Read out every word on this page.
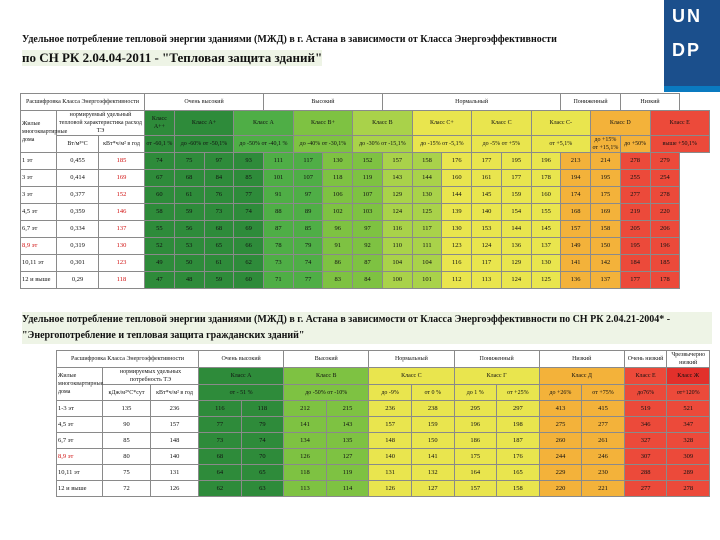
Удельное потребление тепловой энергии зданиями (МЖД) в г. Астана в зависимости от Класса Энергоэффективности
по СН РК 2.04.04-2011 - "Тепловая защита зданий"
UN
DP
Расшифровка Класса Энергоэффективности			Очень высокий				Высокий				Нормальный						Пониженный		Низкий	
Жилые многоквартирные дома	нормируемый удельный тепловой характеристика расход ТЭ		Класс А++	Класс А+		Класс А		Класс В+		Класс В		Класс С+		Класс С		Класс С-		Класс D		Класс Е
	Вт/м³°С	кВт*ч/м² в год	от -60,1 %	до -60% от -50,1%		до -50% от -40,1 %		до -40% от -30,1%		до -30% от -15,1%		до -15% от -5,1%		до -5% от +5%		от +5,1%		до +15% от +15,1%	до +50%	выше +50,1%
1 эт	0,455	185	74	75	97	93	111	117	130	152	157	158	176	177	195	196	213	214	278	279
3 эт	0,414	169	67	68	84	85	101	107	118	119	143	144	160	161	177	178	194	195	255	254
3 эт	0,377	152	60	61	76	77	91	97	106	107	129	130	144	145	159	160	174	175	277	278
4,5 эт	0,359	146	58	59	73	74	88	89	102	103	124	125	139	140	154	155	168	169	219	220
6,7 эт	0,334	137	55	56	68	69	87	85	96	97	116	117	130	153	144	145	157	158	205	206
8,9 эт	0,319	130	52	53	65	66	78	79	91	92	110	111	123	124	136	137	149	150	195	196
10,11 эт	0,301	123	49	50	61	62	73	74	86	87	104	104	116	117	129	130	141	142	184	185
12 и выше	0,29	118	47	48	59	60	71	77	83	84	100	101	112	113	124	125	136	137	177	178
Удельное потребление тепловой энергии зданиями (МЖД) в г. Астана в зависимости от Класса Энергоэффективности по СН РК 2.04.21-2004* - "Энергопотребление и тепловая защита гражданских зданий"
Расшифровка Класса Энергоэффективности			Очень высокий		Высокий		Нормальный		Пониженный		Низкий		Очень низкий	Чрезвычерно низкий
Жилые многоквартирные дома	нормируемых удельных потребность ТЭ		Класс А		Класс В		Класс С		Класс Г		Класс Д		Класс Е	Класс Ж
	кДж/м²°С*сут	кВт*ч/м² в год	от - 51 %		до -50% от -10%		до -9%	от 0 %	до 1 %	от +25%	до +26%	от +75%	до76%	от+120%
1-3 эт	135	236	116	118	212	215	236	238	295	297	413	415	519	521
4,5 эт	90	157	77	79	141	143	157	159	196	198	275	277	346	347
6,7 эт	85	148	73	74	134	135	148	150	186	187	260	261	327	328
8,9 эт	80	140	68	70	126	127	140	141	175	176	244	246	307	309
10,11 эт	75	131	64	65	118	119	131	132	164	165	229	230	288	289
12 и выше	72	126	62	63	113	114	126	127	157	158	220	221	277	278
